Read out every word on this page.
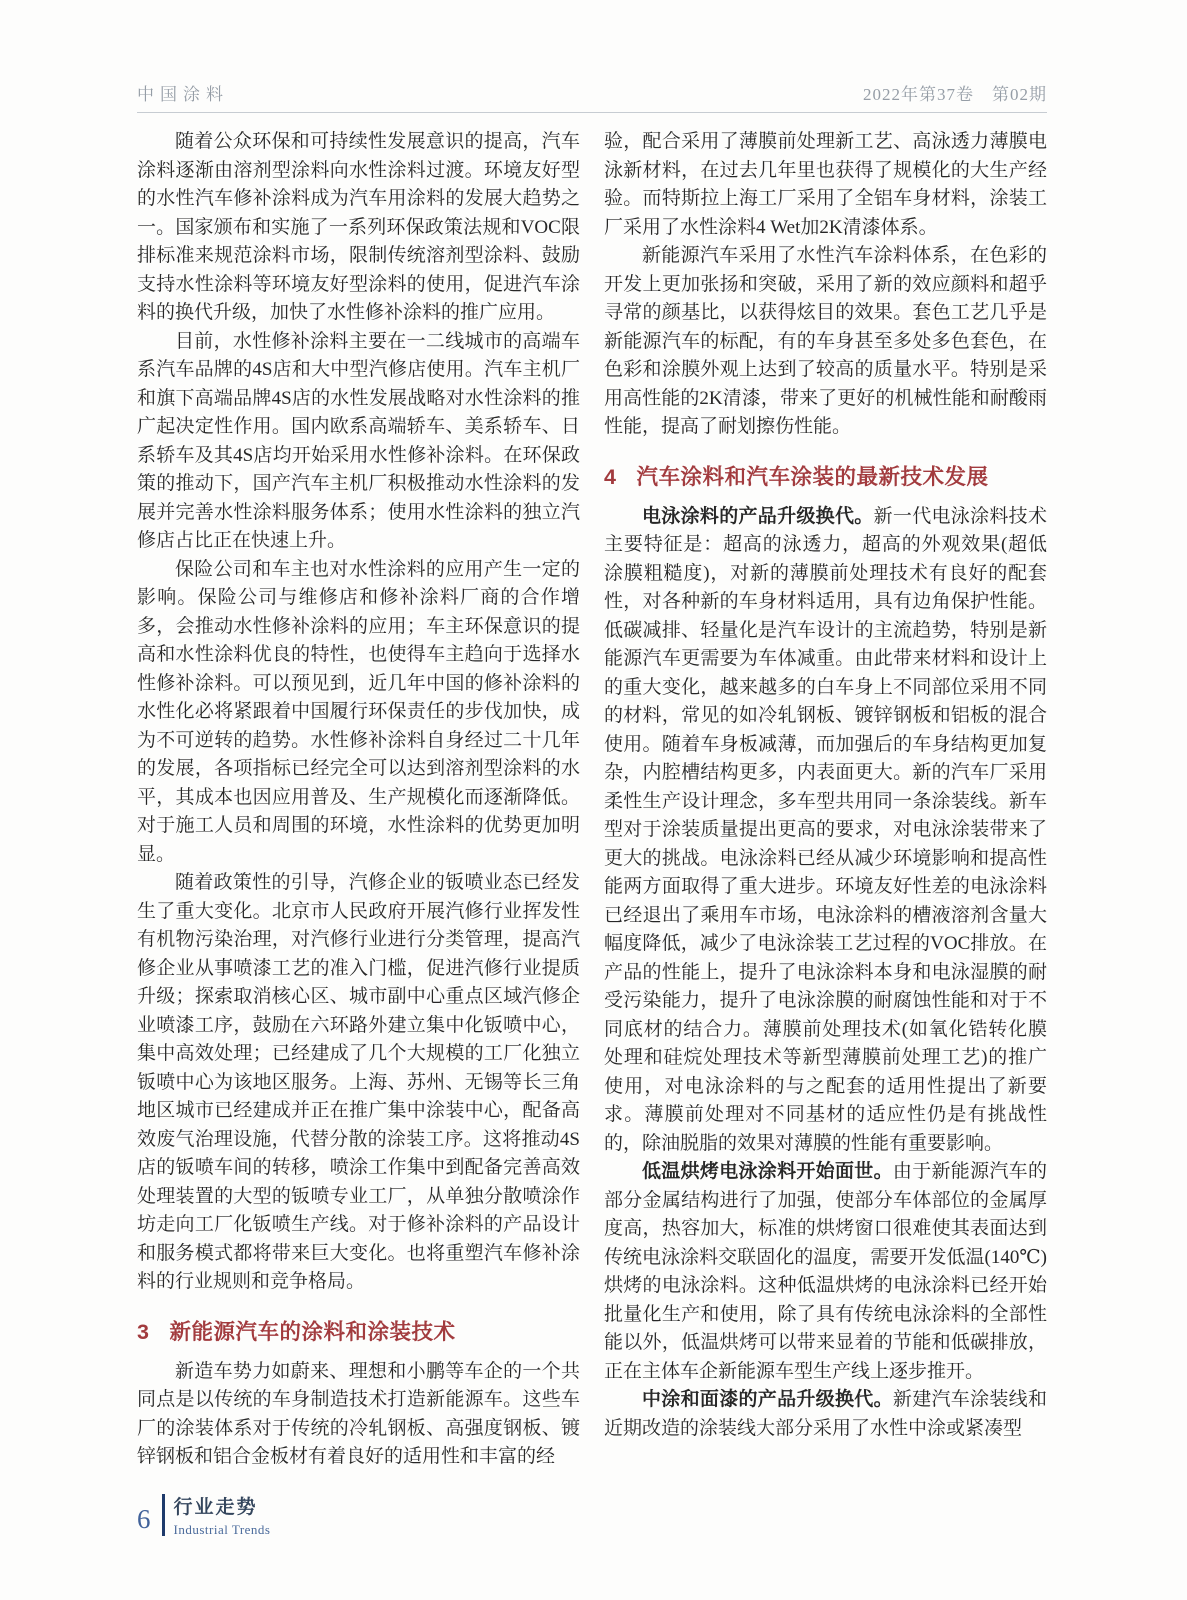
中国涂料	2022年第37卷　第02期

随着公众环保和可持续性发展意识的提高，汽车涂料逐渐由溶剂型涂料向水性涂料过渡。环境友好型的水性汽车修补涂料成为汽车用涂料的发展大趋势之一。国家颁布和实施了一系列环保政策法规和VOC限排标准来规范涂料市场，限制传统溶剂型涂料、鼓励支持水性涂料等环境友好型涂料的使用，促进汽车涂料的换代升级，加快了水性修补涂料的推广应用。

目前，水性修补涂料主要在一二线城市的高端车系汽车品牌的4S店和大中型汽修店使用。汽车主机厂和旗下高端品牌4S店的水性发展战略对水性涂料的推广起决定性作用。国内欧系高端轿车、美系轿车、日系轿车及其4S店均开始采用水性修补涂料。在环保政策的推动下，国产汽车主机厂积极推动水性涂料的发展并完善水性涂料服务体系；使用水性涂料的独立汽修店占比正在快速上升。

保险公司和车主也对水性涂料的应用产生一定的影响。保险公司与维修店和修补涂料厂商的合作增多，会推动水性修补涂料的应用；车主环保意识的提高和水性涂料优良的特性，也使得车主趋向于选择水性修补涂料。可以预见到，近几年中国的修补涂料的水性化必将紧跟着中国履行环保责任的步伐加快，成为不可逆转的趋势。水性修补涂料自身经过二十几年的发展，各项指标已经完全可以达到溶剂型涂料的水平，其成本也因应用普及、生产规模化而逐渐降低。对于施工人员和周围的环境，水性涂料的优势更加明显。

随着政策性的引导，汽修企业的钣喷业态已经发生了重大变化。北京市人民政府开展汽修行业挥发性有机物污染治理，对汽修行业进行分类管理，提高汽修企业从事喷漆工艺的准入门槛，促进汽修行业提质升级；探索取消核心区、城市副中心重点区域汽修企业喷漆工序，鼓励在六环路外建立集中化钣喷中心，集中高效处理；已经建成了几个大规模的工厂化独立钣喷中心为该地区服务。上海、苏州、无锡等长三角地区城市已经建成并正在推广集中涂装中心，配备高效废气治理设施，代替分散的涂装工序。这将推动4S店的钣喷车间的转移，喷涂工作集中到配备完善高效处理装置的大型的钣喷专业工厂，从单独分散喷涂作坊走向工厂化钣喷生产线。对于修补涂料的产品设计和服务模式都将带来巨大变化。也将重塑汽车修补涂料的行业规则和竞争格局。

3 新能源汽车的涂料和涂装技术

新造车势力如蔚来、理想和小鹏等车企的一个共同点是以传统的车身制造技术打造新能源车。这些车厂的涂装体系对于传统的冷轧钢板、高强度钢板、镀锌钢板和铝合金板材有着良好的适用性和丰富的经

验，配合采用了薄膜前处理新工艺、高泳透力薄膜电泳新材料，在过去几年里也获得了规模化的大生产经验。而特斯拉上海工厂采用了全铝车身材料，涂装工厂采用了水性涂料4 Wet加2K清漆体系。

新能源汽车采用了水性汽车涂料体系，在色彩的开发上更加张扬和突破，采用了新的效应颜料和超乎寻常的颜基比，以获得炫目的效果。套色工艺几乎是新能源汽车的标配，有的车身甚至多处多色套色，在色彩和涂膜外观上达到了较高的质量水平。特别是采用高性能的2K清漆，带来了更好的机械性能和耐酸雨性能，提高了耐划擦伤性能。

4 汽车涂料和汽车涂装的最新技术发展

电泳涂料的产品升级换代。新一代电泳涂料技术主要特征是：超高的泳透力，超高的外观效果(超低涂膜粗糙度)，对新的薄膜前处理技术有良好的配套性，对各种新的车身材料适用，具有边角保护性能。低碳减排、轻量化是汽车设计的主流趋势，特别是新能源汽车更需要为车体减重。由此带来材料和设计上的重大变化，越来越多的白车身上不同部位采用不同的材料，常见的如冷轧钢板、镀锌钢板和铝板的混合使用。随着车身板减薄，而加强后的车身结构更加复杂，内腔槽结构更多，内表面更大。新的汽车厂采用柔性生产设计理念，多车型共用同一条涂装线。新车型对于涂装质量提出更高的要求，对电泳涂装带来了更大的挑战。电泳涂料已经从减少环境影响和提高性能两方面取得了重大进步。环境友好性差的电泳涂料已经退出了乘用车市场，电泳涂料的槽液溶剂含量大幅度降低，减少了电泳涂装工艺过程的VOC排放。在产品的性能上，提升了电泳涂料本身和电泳湿膜的耐受污染能力，提升了电泳涂膜的耐腐蚀性能和对于不同底材的结合力。薄膜前处理技术(如氧化锆转化膜处理和硅烷处理技术等新型薄膜前处理工艺)的推广使用，对电泳涂料的与之配套的适用性提出了新要求。薄膜前处理对不同基材的适应性仍是有挑战性的，除油脱脂的效果对薄膜的性能有重要影响。

低温烘烤电泳涂料开始面世。由于新能源汽车的部分金属结构进行了加强，使部分车体部位的金属厚度高，热容加大，标准的烘烤窗口很难使其表面达到传统电泳涂料交联固化的温度，需要开发低温(140℃)烘烤的电泳涂料。这种低温烘烤的电泳涂料已经开始批量化生产和使用，除了具有传统电泳涂料的全部性能以外，低温烘烤可以带来显着的节能和低碳排放，正在主体车企新能源车型生产线上逐步推开。

中涂和面漆的产品升级换代。新建汽车涂装线和近期改造的涂装线大部分采用了水性中涂或紧凑型

6 行业走势
Industrial Trends
